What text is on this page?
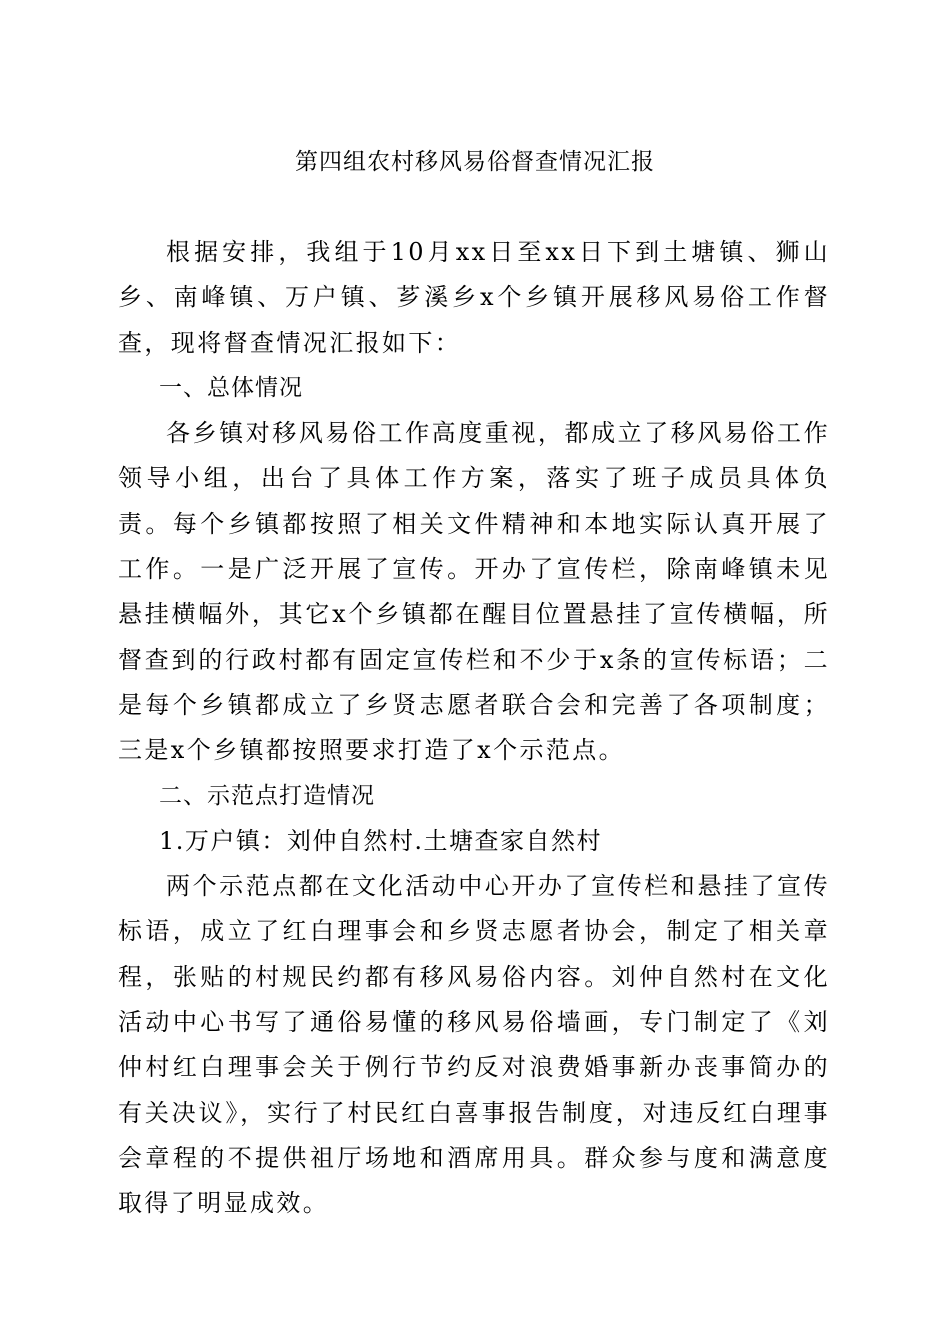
第四组农村移风易俗督查情况汇报

根据安排，我组于10月xx日至xx日下到土塘镇、狮山乡、南峰镇、万户镇、芗溪乡x个乡镇开展移风易俗工作督查，现将督查情况汇报如下：

一、总体情况

各乡镇对移风易俗工作高度重视，都成立了移风易俗工作领导小组，出台了具体工作方案，落实了班子成员具体负责。每个乡镇都按照了相关文件精神和本地实际认真开展了工作。一是广泛开展了宣传。开办了宣传栏，除南峰镇未见悬挂横幅外，其它x个乡镇都在醒目位置悬挂了宣传横幅，所督查到的行政村都有固定宣传栏和不少于x条的宣传标语；二是每个乡镇都成立了乡贤志愿者联合会和完善了各项制度；三是x个乡镇都按照要求打造了x个示范点。

二、示范点打造情况

1.万户镇：刘仲自然村.土塘查家自然村

两个示范点都在文化活动中心开办了宣传栏和悬挂了宣传标语，成立了红白理事会和乡贤志愿者协会，制定了相关章程，张贴的村规民约都有移风易俗内容。刘仲自然村在文化活动中心书写了通俗易懂的移风易俗墙画，专门制定了《刘仲村红白理事会关于例行节约反对浪费婚事新办丧事简办的有关决议》，实行了村民红白喜事报告制度，对违反红白理事会章程的不提供祖厅场地和酒席用具。群众参与度和满意度取得了明显成效。
